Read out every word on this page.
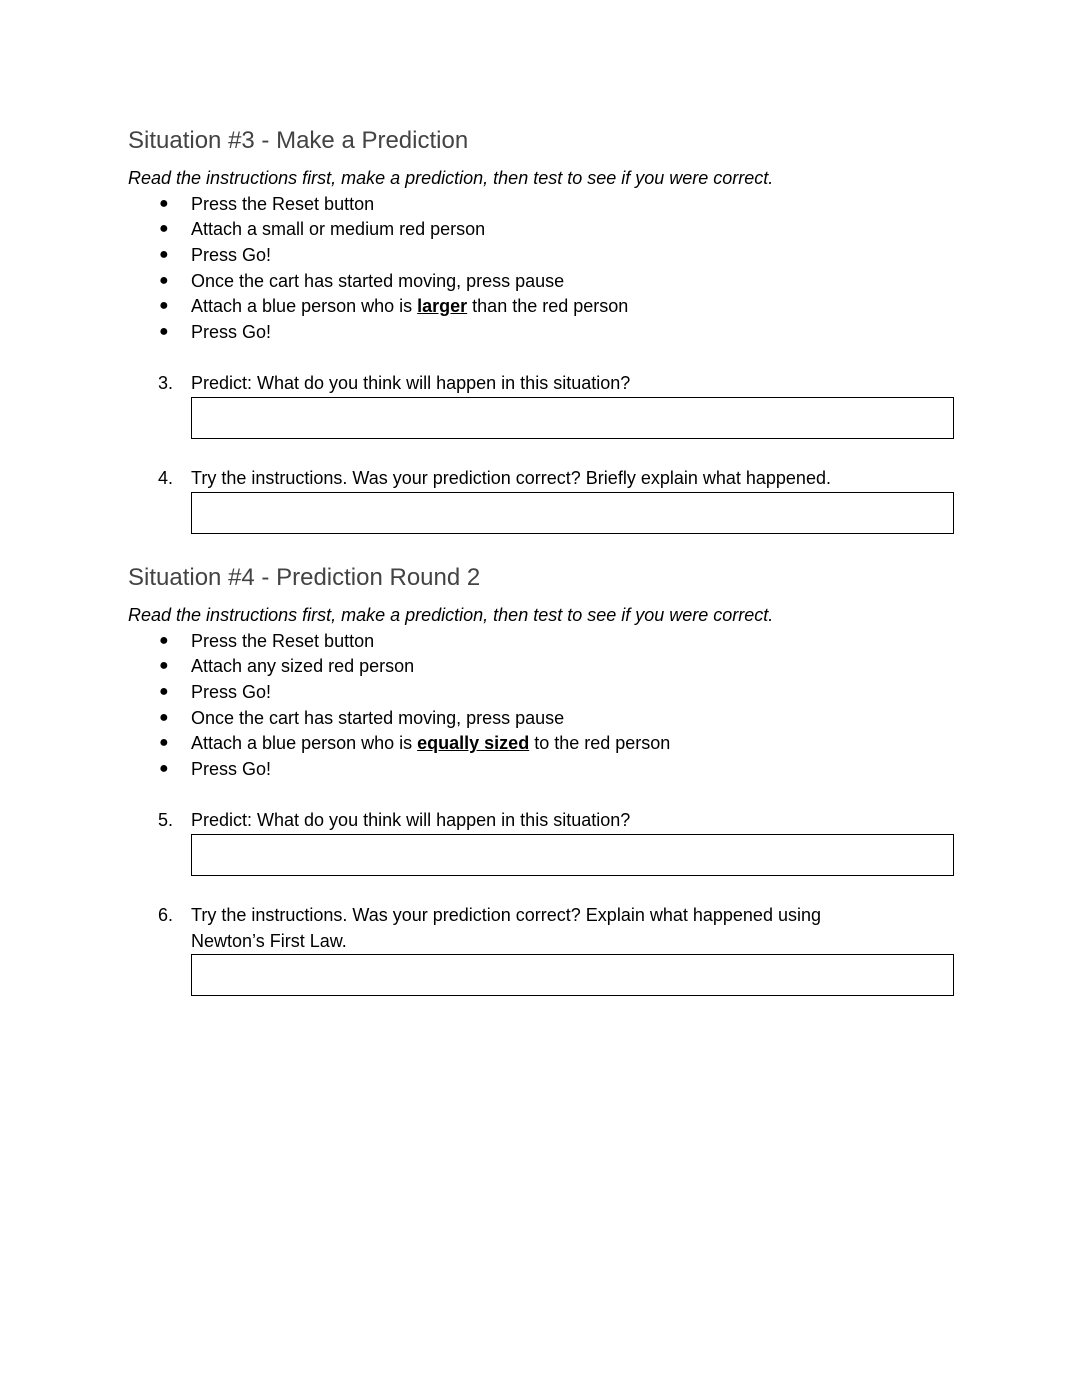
Situation #3 - Make a Prediction
Read the instructions first, make a prediction, then test to see if you were correct.
● Press the Reset button
● Attach a small or medium red person
● Press Go!
● Once the cart has started moving, press pause
● Attach a blue person who is larger than the red person
● Press Go!
3. Predict: What do you think will happen in this situation?
4. Try the instructions. Was your prediction correct? Briefly explain what happened.
Situation #4 - Prediction Round 2
Read the instructions first, make a prediction, then test to see if you were correct.
● Press the Reset button
● Attach any sized red person
● Press Go!
● Once the cart has started moving, press pause
● Attach a blue person who is equally sized to the red person
● Press Go!
5. Predict: What do you think will happen in this situation?
6. Try the instructions. Was your prediction correct? Explain what happened using
Newton’s First Law.
